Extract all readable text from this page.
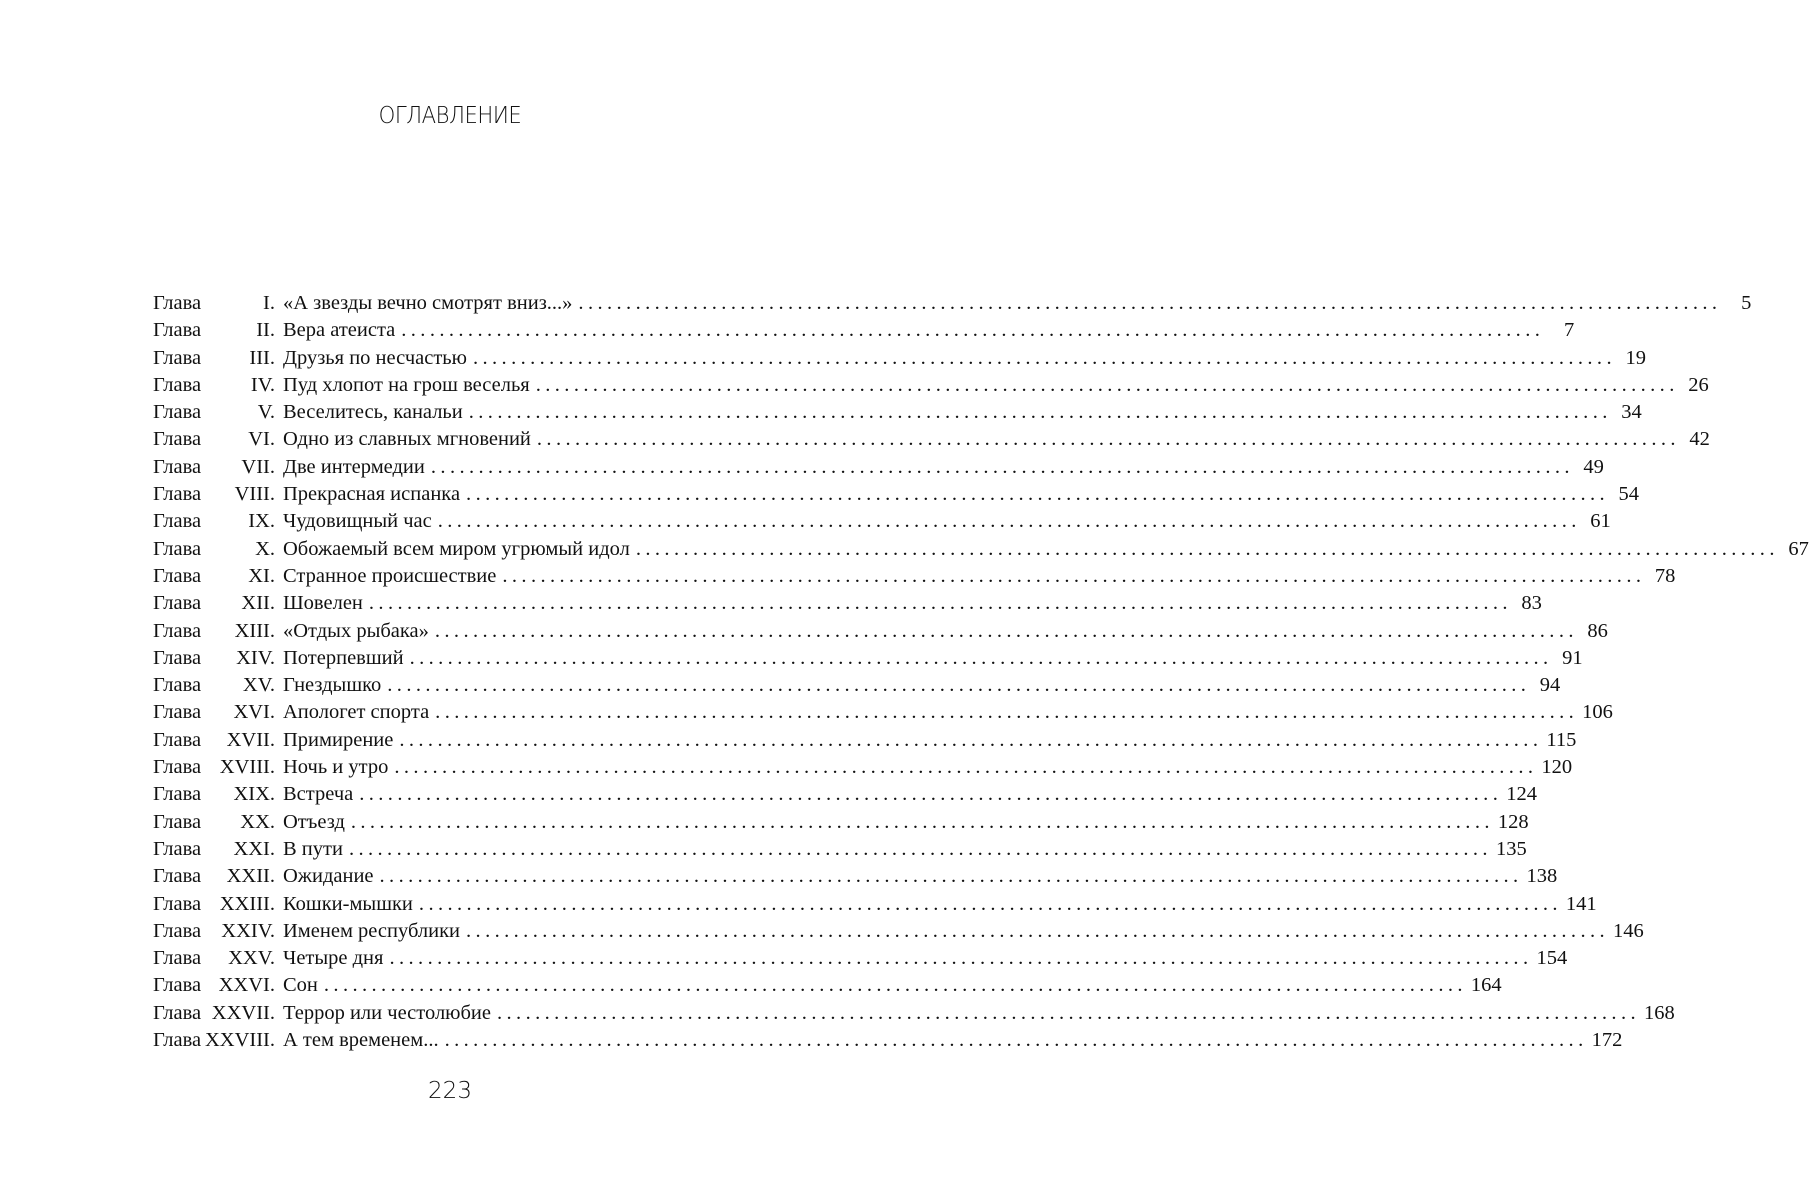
ОГЛАВЛЕНИЕ
Глава	I. «А звезды вечно смотрят вниз...» ........................................................................................................................ 5
Глава	II. Вера атеиста ........................................................................................................................ 7
Глава III. Друзья по несчастью ........................................................................................................................ 19
Глава IV. Пуд хлопот на грош веселья ........................................................................................................................ 26
Глава	V. Веселитесь, канальи ........................................................................................................................ 34
Глава VI. Одно из славных мгновений ........................................................................................................................ 42
Глава VII. Две интермедии ........................................................................................................................ 49
Глава VIII. Прекрасная испанка ........................................................................................................................ 54
Глава IX. Чудовищный час ........................................................................................................................ 61
Глава	X. Обожаемый всем миром угрюмый идол ........................................................................................................................ 67
Глава XI. Странное происшествие ........................................................................................................................ 78
Глава XII. Шовелен ........................................................................................................................ 83
Глава XIII. «Отдых рыбака» ........................................................................................................................ 86
Глава XIV. Потерпевший ........................................................................................................................ 91
Глава XV. Гнездышко ........................................................................................................................ 94
Глава XVI. Апологет спорта ........................................................................................................................ 106
Глава XVII. Примирение ........................................................................................................................ 115
Глава XVIII. Ночь и утро ........................................................................................................................ 120
Глава XIX. Встреча ........................................................................................................................ 124
Глава XX. Отъезд ........................................................................................................................ 128
Глава XXI. В пути ........................................................................................................................ 135
Глава XXII. Ожидание ........................................................................................................................ 138
Глава XXIII. Кошки-мышки ........................................................................................................................ 141
Глава XXIV. Именем республики ........................................................................................................................ 146
Глава XXV. Четыре дня ........................................................................................................................ 154
Глава XXVI. Сон ........................................................................................................................ 164
Глава XXVII. Террор или честолюбие ........................................................................................................................ 168
Глава XXVIII. А тем временем... ........................................................................................................................ 172
223
